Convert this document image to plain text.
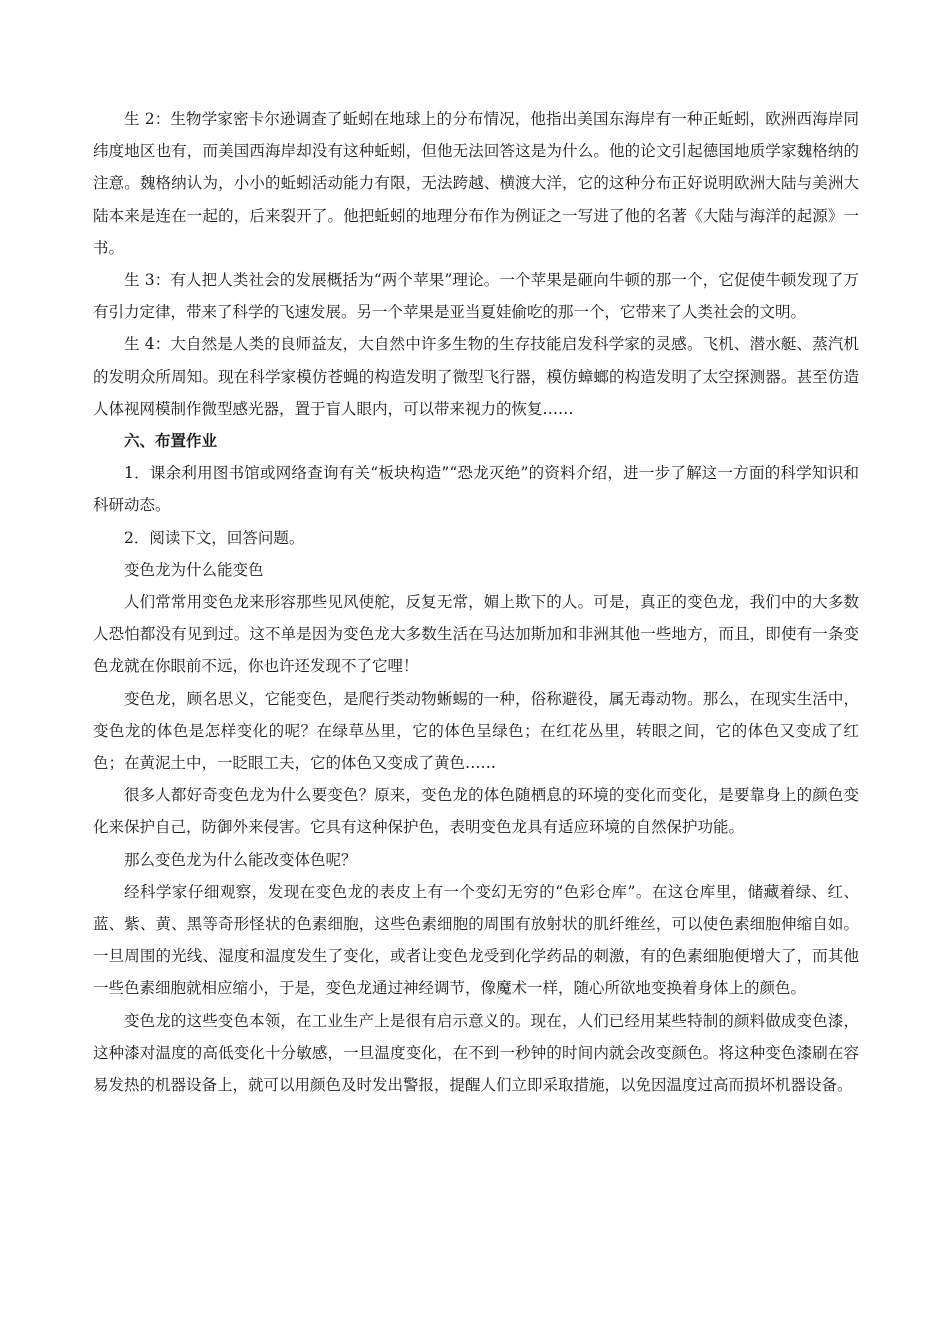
生 2：生物学家密卡尔逊调查了蚯蚓在地球上的分布情况，他指出美国东海岸有一种正蚯蚓，欧洲西海岸同纬度地区也有，而美国西海岸却没有这种蚯蚓，但他无法回答这是为什么。他的论文引起德国地质学家魏格纳的注意。魏格纳认为，小小的蚯蚓活动能力有限，无法跨越、横渡大洋，它的这种分布正好说明欧洲大陆与美洲大陆本来是连在一起的，后来裂开了。他把蚯蚓的地理分布作为例证之一写进了他的名著《大陆与海洋的起源》一书。

生 3：有人把人类社会的发展概括为“两个苹果”理论。一个苹果是砸向牛顿的那一个，它促使牛顿发现了万有引力定律，带来了科学的飞速发展。另一个苹果是亚当夏娃偷吃的那一个，它带来了人类社会的文明。

生 4：大自然是人类的良师益友，大自然中许多生物的生存技能启发科学家的灵感。飞机、潜水艇、蒸汽机的发明众所周知。现在科学家模仿苍蝇的构造发明了微型飞行器，模仿蟑螂的构造发明了太空探测器。甚至仿造人体视网模制作微型感光器，置于盲人眼内，可以带来视力的恢复……

六、布置作业

1．课余利用图书馆或网络查询有关“板块构造”“恐龙灭绝”的资料介绍，进一步了解这一方面的科学知识和科研动态。

2．阅读下文，回答问题。

变色龙为什么能变色

人们常常用变色龙来形容那些见风使舵，反复无常，媚上欺下的人。可是，真正的变色龙，我们中的大多数人恐怕都没有见到过。这不单是因为变色龙大多数生活在马达加斯加和非洲其他一些地方，而且，即使有一条变色龙就在你眼前不远，你也许还发现不了它哩！

变色龙，顾名思义，它能变色，是爬行类动物蜥蜴的一种，俗称避役，属无毒动物。那么，在现实生活中，变色龙的体色是怎样变化的呢？在绿草丛里，它的体色呈绿色；在红花丛里，转眼之间，它的体色又变成了红色；在黄泥土中，一眨眼工夫，它的体色又变成了黄色……

很多人都好奇变色龙为什么要变色？原来，变色龙的体色随栖息的环境的变化而变化，是要靠身上的颜色变化来保护自己，防御外来侵害。它具有这种保护色，表明变色龙具有适应环境的自然保护功能。

那么变色龙为什么能改变体色呢？

经科学家仔细观察，发现在变色龙的表皮上有一个变幻无穷的“色彩仓库”。在这仓库里，储藏着绿、红、蓝、紫、黄、黑等奇形怪状的色素细胞，这些色素细胞的周围有放射状的肌纤维丝，可以使色素细胞伸缩自如。一旦周围的光线、湿度和温度发生了变化，或者让变色龙受到化学药品的刺激，有的色素细胞便增大了，而其他一些色素细胞就相应缩小，于是，变色龙通过神经调节，像魔术一样，随心所欲地变换着身体上的颜色。

变色龙的这些变色本领，在工业生产上是很有启示意义的。现在，人们已经用某些特制的颜料做成变色漆，这种漆对温度的高低变化十分敏感，一旦温度变化，在不到一秒钟的时间内就会改变颜色。将这种变色漆刷在容易发热的机器设备上，就可以用颜色及时发出警报，提醒人们立即采取措施，以免因温度过高而损坏机器设备。
